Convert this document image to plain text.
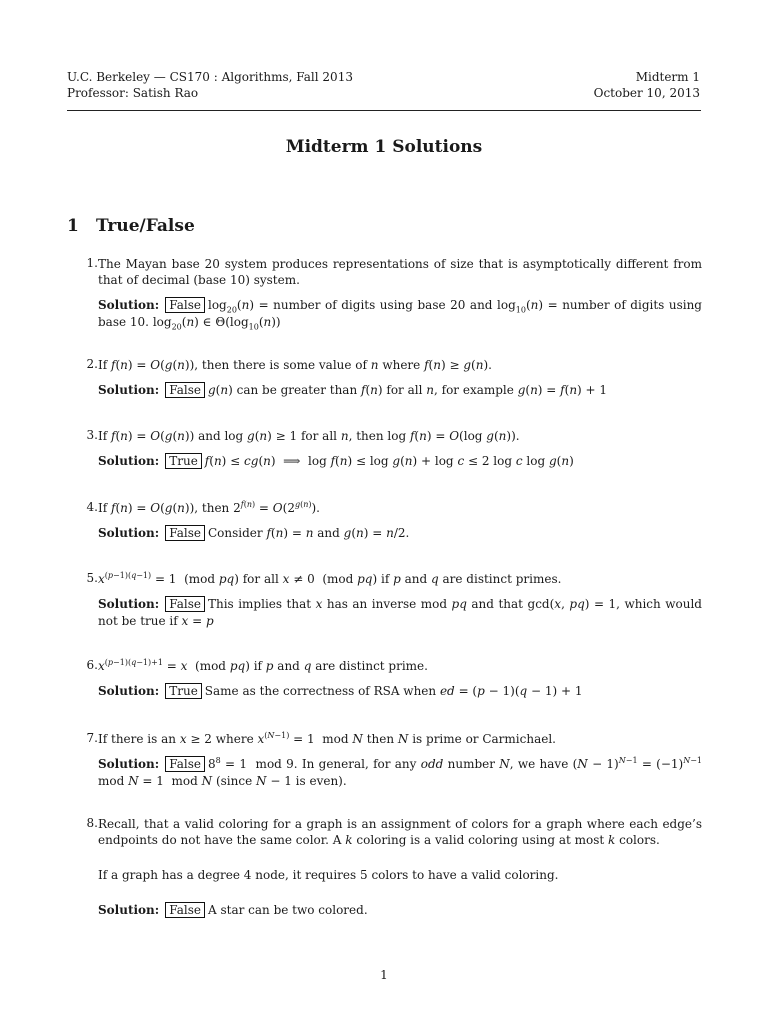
U.C. Berkeley — CS170 : Algorithms, Fall 2013
Professor: Satish Rao
Midterm 1
October 10, 2013
Midterm 1 Solutions
1 True/False
1. The Mayan base 20 system produces representations of size that is asymptotically different from that of decimal (base 10) system.
Solution: False $\log_{20}(n)$ = number of digits using base 20 and $\log_{10}(n)$ = number of digits using base 10. $\log_{20}(n)$ ∈ $\Theta(\log_{10}(n))$
2. If f(n) = O(g(n)), then there is some value of n where f(n) ≥ g(n).
Solution: False g(n) can be greater than f(n) for all n, for example g(n) = f(n) + 1
3. If f(n) = O(g(n)) and log g(n) ≥ 1 for all n, then log f(n) = O(log g(n)).
Solution: True f(n) ≤ cg(n)  ⟹  log f(n) ≤ log g(n) + log c ≤ 2 log c log g(n)
4. If f(n) = O(g(n)), then $2^{f(n)} = O(2^{g(n)})$.
Solution: False Consider f(n) = n and g(n) = n/2.
5. $x^{(p-1)(q-1)} = 1$  (mod pq) for all x ≠ 0  (mod pq) if p and q are distinct primes.
Solution: False This implies that x has an inverse mod pq and that gcd(x, pq) = 1, which would not be true if x = p
6. $x^{(p-1)(q-1)+1} = x$  (mod pq) if p and q are distinct prime.
Solution: True Same as the correctness of RSA when ed = (p − 1)(q − 1) + 1
7. If there is an x ≥ 2 where $x^{(N-1)} = 1$  mod N then N is prime or Carmichael.
Solution: False $8^8 = 1$  mod 9. In general, for any odd number N, we have $(N - 1)^{N-1} = (-1)^{N-1}$ mod N = 1  mod N (since N − 1 is even).
8. Recall, that a valid coloring for a graph is an assignment of colors for a graph where each edge’s endpoints do not have the same color. A k coloring is a valid coloring using at most k colors.
If a graph has a degree 4 node, it requires 5 colors to have a valid coloring.
Solution: False A star can be two colored.
1
